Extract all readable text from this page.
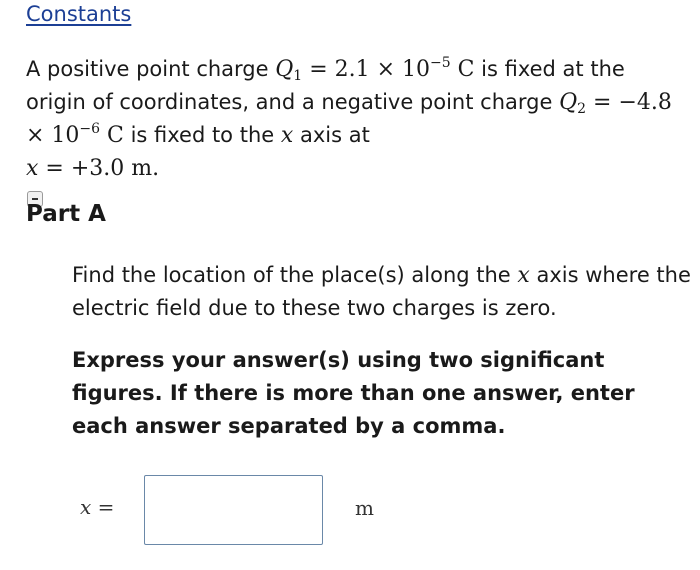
Constants
A positive point charge $Q_1 = 2.1 \times 10^{-5}$ C is fixed at the origin of coordinates, and a negative point charge $Q_2 = -4.8 \times 10^{-6}$ C is fixed to the x axis at
x = +3.0 m.
Part A
Find the location of the place(s) along the x axis where the electric field due to these two charges is zero.
Express your answer(s) using two significant figures. If there is more than one answer, enter each answer separated by a comma.
x =	m
